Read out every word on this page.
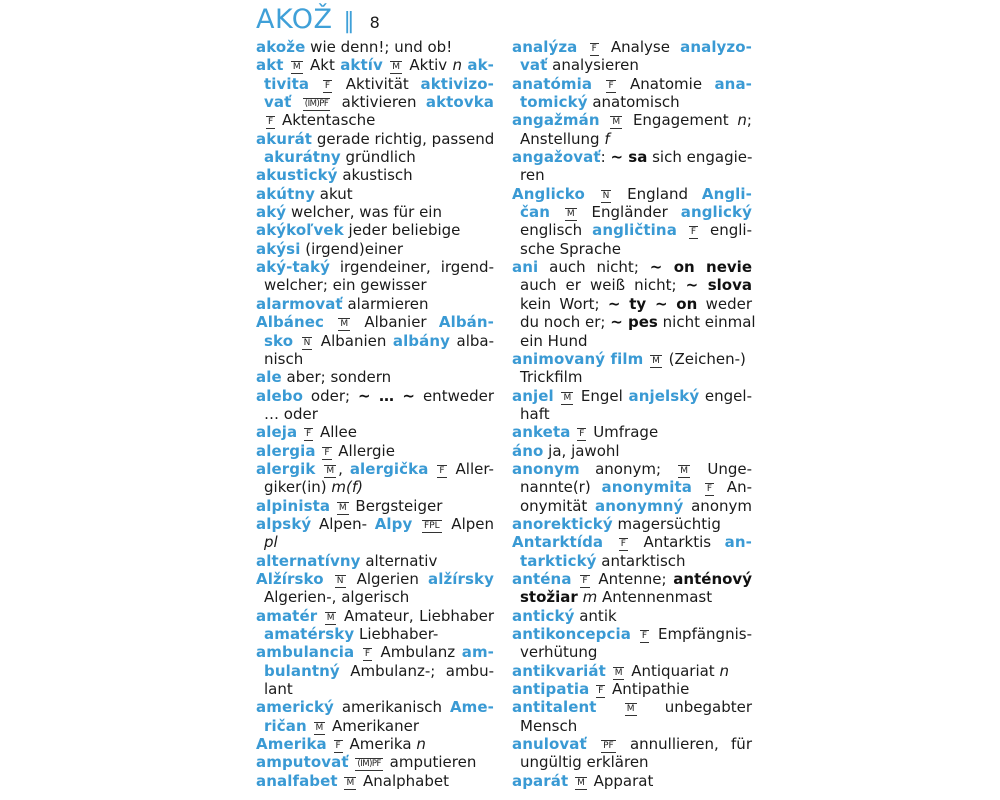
AKOŽ ‖ 8
akože wie denn!; und ob!
akt M Akt aktív M Aktiv n ak-
tivita F Aktivität aktivizo-
vať (IM)PF aktivieren aktovka
F Aktentasche
akurát gerade richtig, passend
akurátny gründlich
akustický akustisch
akútny akut
aký welcher, was für ein
akýkoľvek jeder beliebige
akýsi (irgend)einer
aký-taký irgendeiner, irgend-
welcher; ein gewisser
alarmovať alarmieren
Albánec M Albanier Albán-
sko N Albanien albány alba-
nisch
ale aber; sondern
alebo oder; ~ … ~ entweder
… oder
aleja F Allee
alergia F Allergie
alergik M , alergička F Aller-
giker(in) m(f)
alpinista M Bergsteiger
alpský Alpen- Alpy FPL Alpen
pl
alternatívny alternativ
Alžírsko N Algerien alžírsky
Algerien-, algerisch
amatér M Amateur, Liebhaber
amatérsky Liebhaber-
ambulancia F Ambulanz am-
bulantný Ambulanz-; ambu-
lant
americký amerikanisch Ame-
ričan M Amerikaner
Amerika F Amerika n
amputovať (IM)PF amputieren
analfabet M Analphabet
analýza F Analyse analyzo-
vať analysieren
anatómia F Anatomie ana-
tomický anatomisch
angažmán M Engagement n;
Anstellung f
angažovať: ~ sa sich engagie-
ren
Anglicko N England Angli-
čan M Engländer anglický
englisch angličtina F engli-
sche Sprache
ani auch nicht; ~ on nevie
auch er weiß nicht; ~ slova
kein Wort; ~ ty ~ on weder
du noch er; ~ pes nicht einmal
ein Hund
animovaný film M (Zeichen-)
Trickfilm
anjel M Engel anjelský engel-
haft
anketa F Umfrage
áno ja, jawohl
anonym anonym; M Unge-
nannte(r) anonymita F An-
onymität anonymný anonym
anorektický magersüchtig
Antarktída F Antarktis an-
tarktický antarktisch
anténa F Antenne; anténový
stožiar m Antennenmast
antický antik
antikoncepcia F Empfängnis-
verhütung
antikvariát M Antiquariat n
antipatia F Antipathie
antitalent	M unbegabter
Mensch
anulovať PF annullieren, für
ungültig erklären
aparát M Apparat
